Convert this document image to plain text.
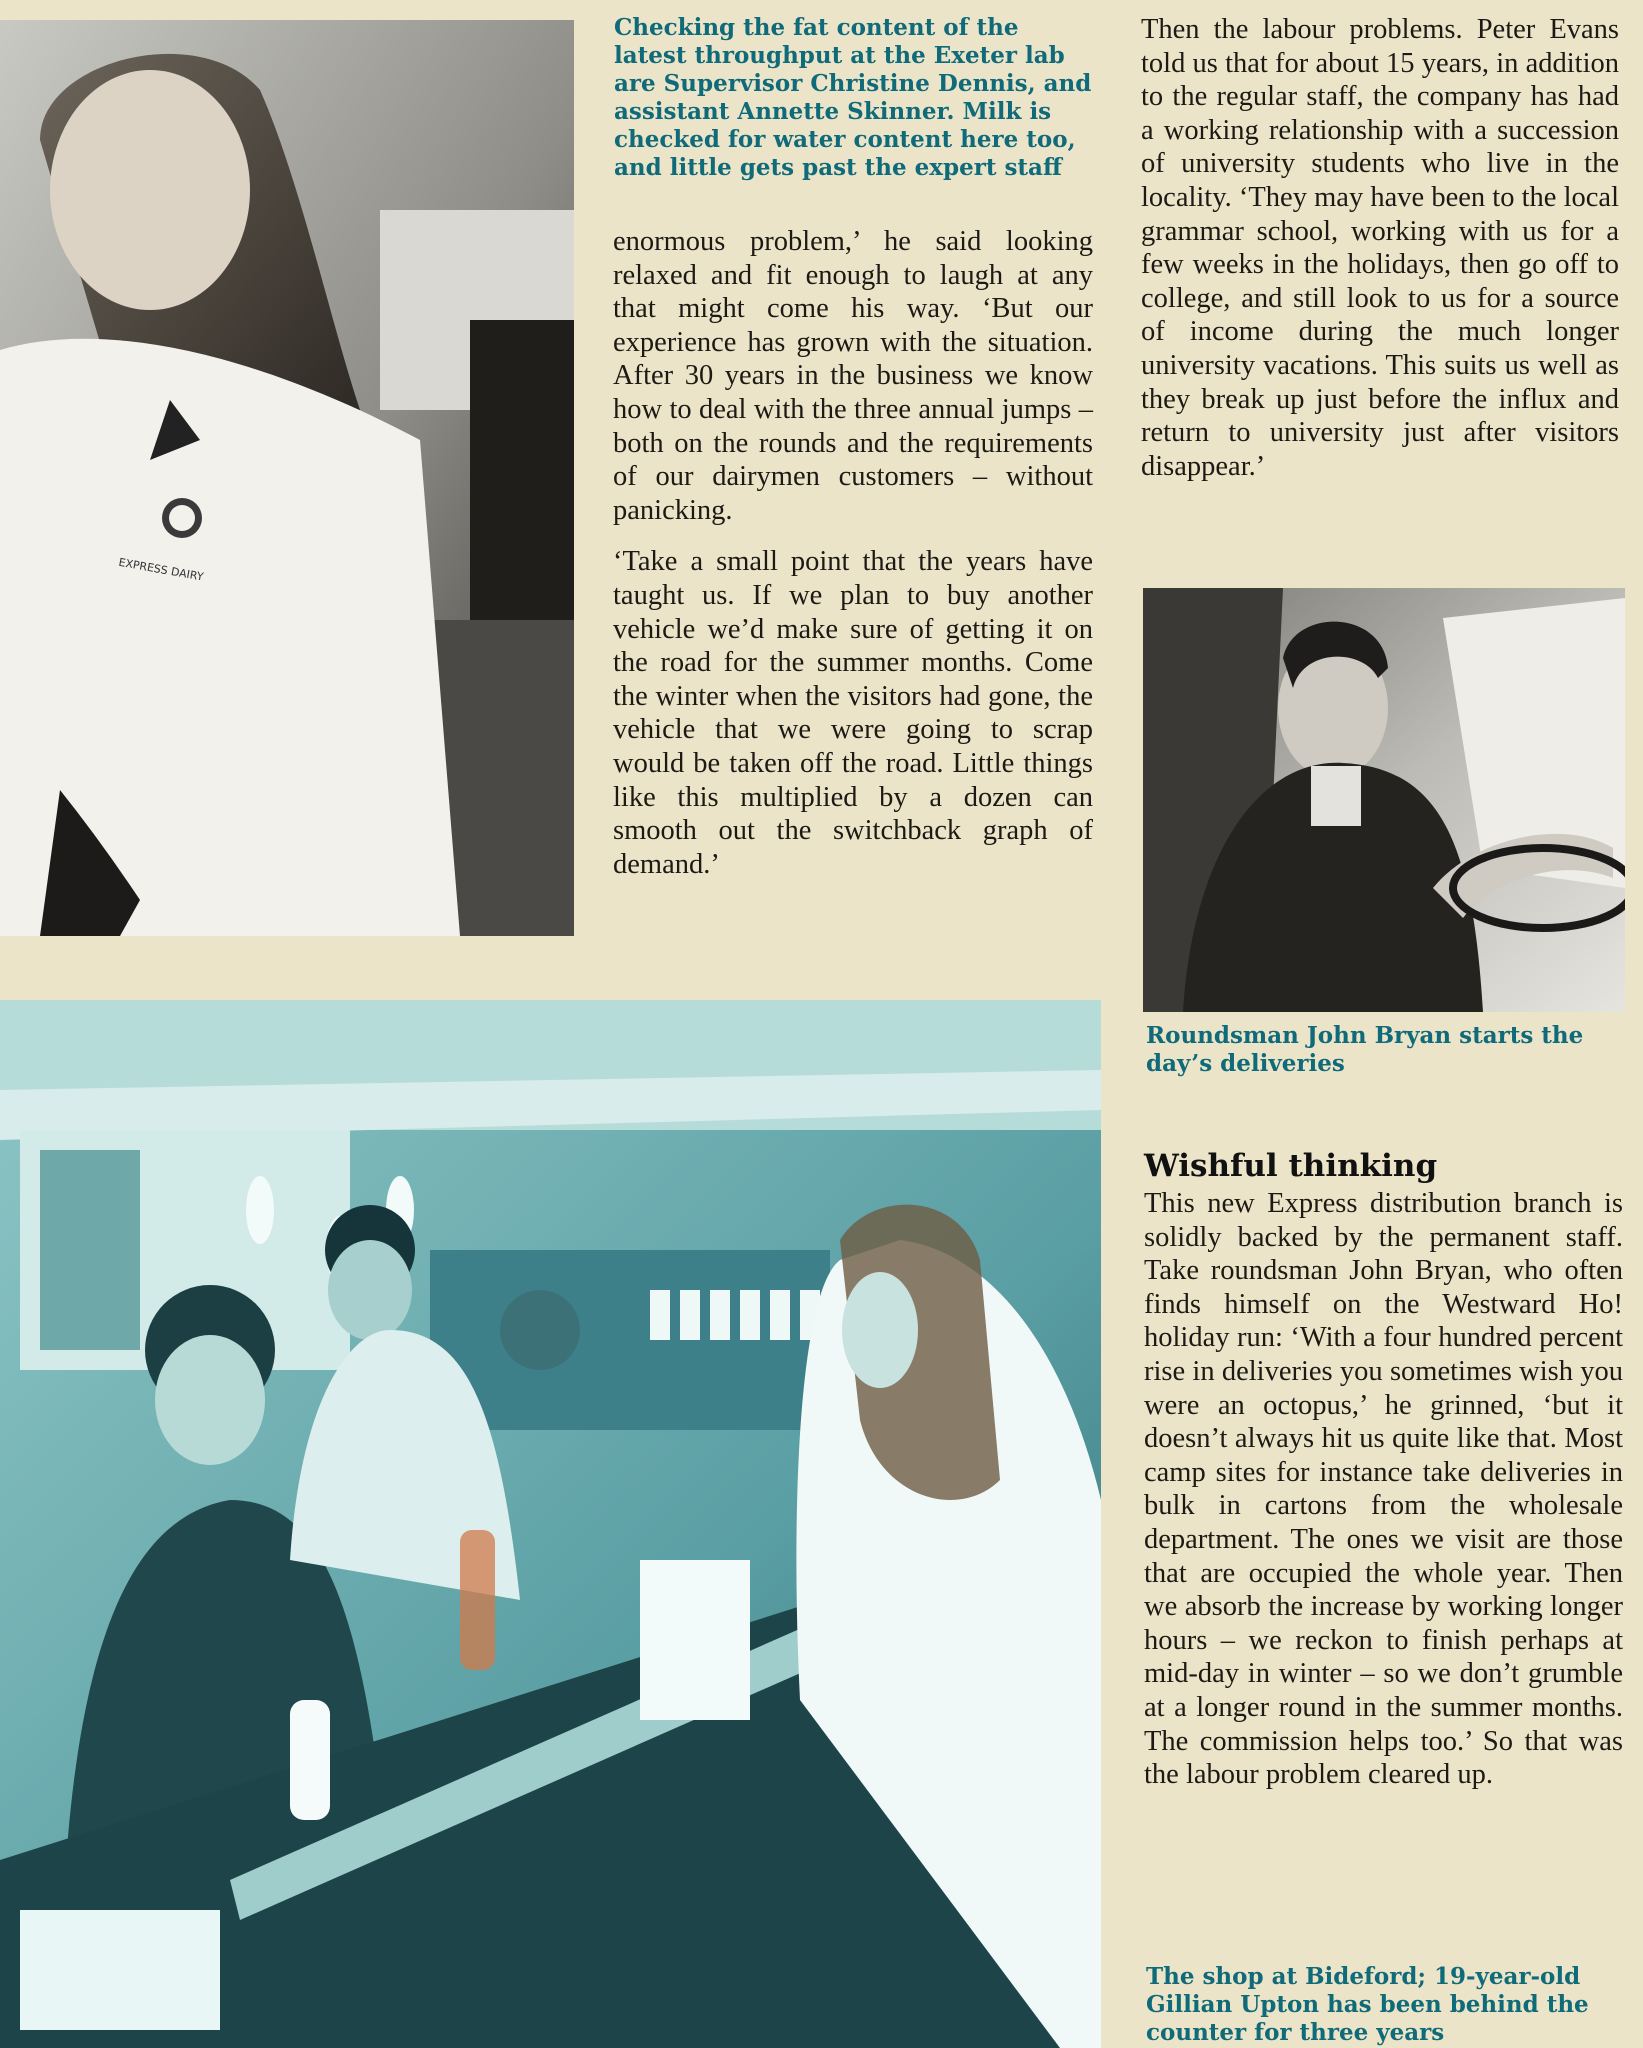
EXPRESS DAIRY

Checking the fat content of the latest throughput at the Exeter lab are Supervisor Christine Dennis, and assistant Annette Skinner. Milk is checked for water content here too, and little gets past the expert staff

enormous problem,’ he said looking relaxed and fit enough to laugh at any that might come his way. ‘But our experience has grown with the situation. After 30 years in the business we know how to deal with the three annual jumps – both on the rounds and the requirements of our dairymen customers – without panicking.

‘Take a small point that the years have taught us. If we plan to buy another vehicle we’d make sure of getting it on the road for the summer months. Come the winter when the visitors had gone, the vehicle that we were going to scrap would be taken off the road. Little things like this multiplied by a dozen can smooth out the switchback graph of demand.’

Then the labour problems. Peter Evans told us that for about 15 years, in addition to the regular staff, the company has had a working relationship with a succession of university students who live in the locality. ‘They may have been to the local grammar school, working with us for a few weeks in the holidays, then go off to college, and still look to us for a source of income during the much longer university vacations. This suits us well as they break up just before the influx and return to university just after visitors disappear.’

Roundsman John Bryan starts the day’s deliveries

Wishful thinking

This new Express distribution branch is solidly backed by the permanent staff. Take roundsman John Bryan, who often finds himself on the Westward Ho! holiday run: ‘With a four hundred percent rise in deliveries you sometimes wish you were an octopus,’ he grinned, ‘but it doesn’t always hit us quite like that. Most camp sites for instance take deliveries in bulk in cartons from the wholesale department. The ones we visit are those that are occupied the whole year. Then we absorb the increase by working longer hours – we reckon to finish perhaps at mid-day in winter – so we don’t grumble at a longer round in the summer months. The commission helps too.’ So that was the labour problem cleared up.

The shop at Bideford; 19-year-old Gillian Upton has been behind the counter for three years
